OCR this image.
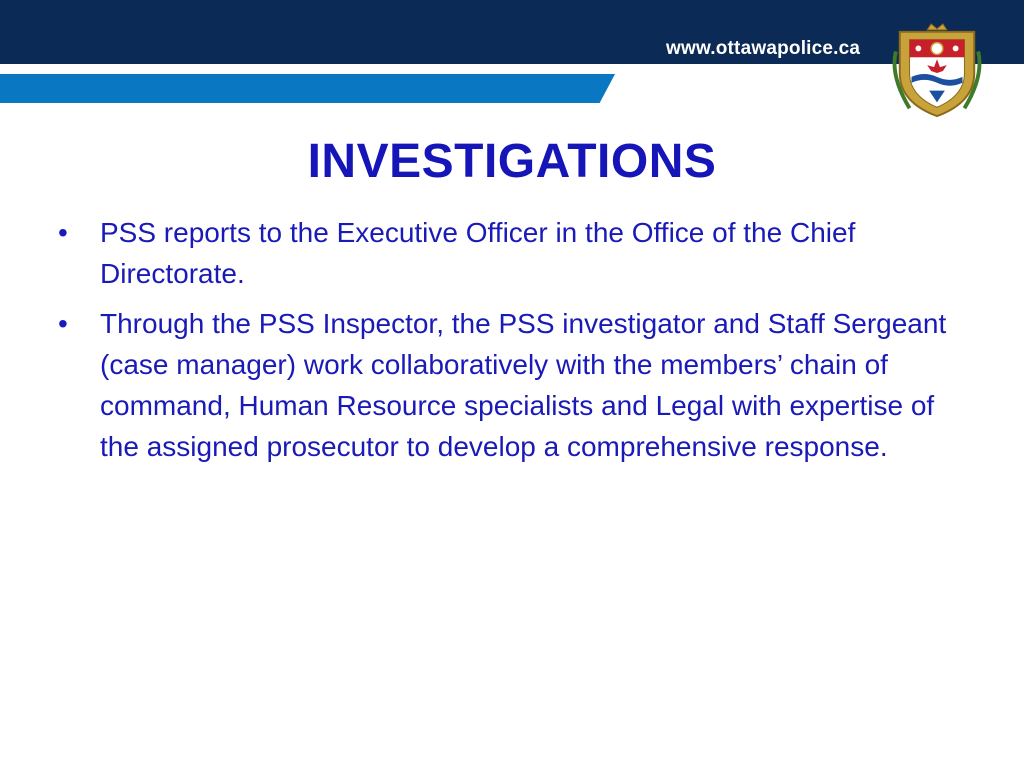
www.ottawapolice.ca
INVESTIGATIONS
• PSS reports to the Executive Officer in the Office of the Chief Directorate.
• Through the PSS Inspector, the PSS investigator and Staff Sergeant (case manager) work collaboratively with the members’ chain of command, Human Resource specialists and Legal with expertise of the assigned prosecutor to develop a comprehensive response.
